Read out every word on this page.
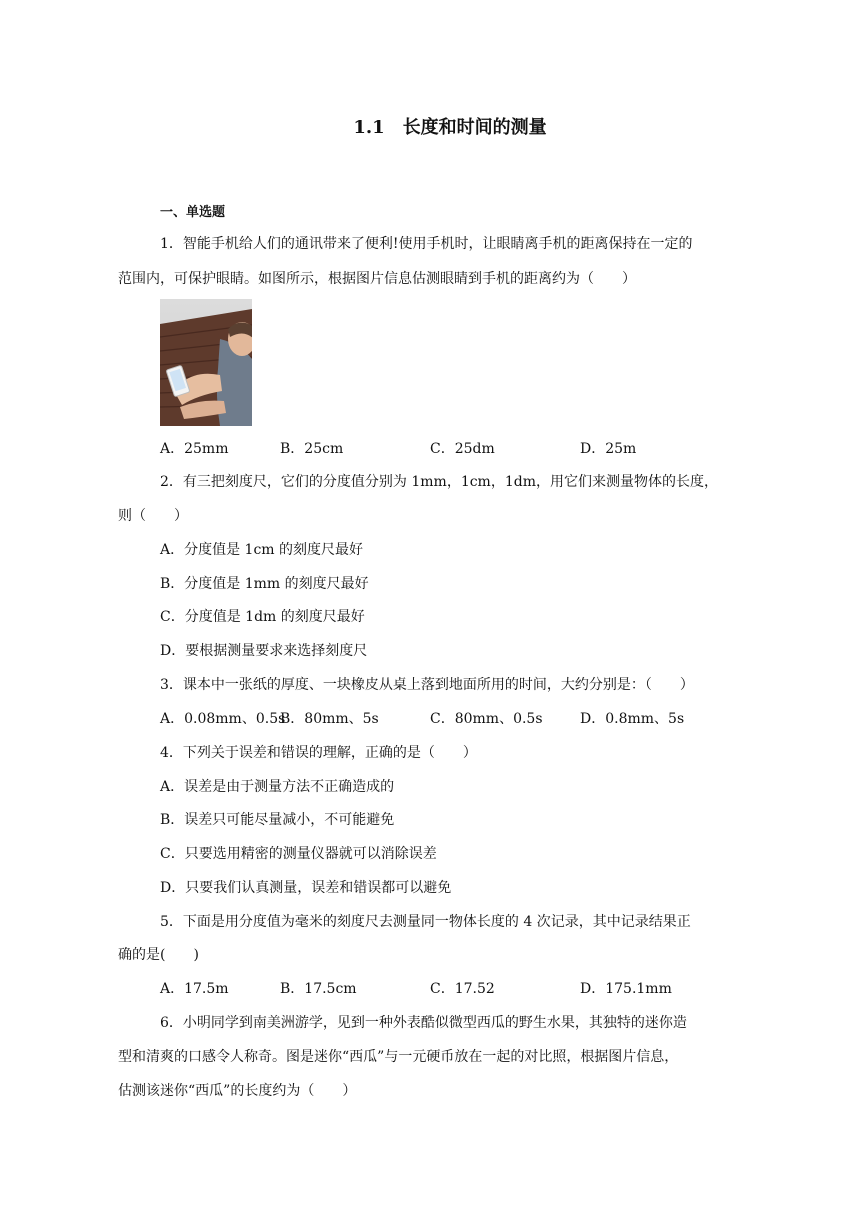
1.1　长度和时间的测量
一、单选题
1．智能手机给人们的通讯带来了便利!使用手机时，让眼睛离手机的距离保持在一定的
范围内，可保护眼睛。如图所示，根据图片信息估测眼睛到手机的距离约为（　　）
A．25mm	B．25cm	C．25dm	D．25m
2．有三把刻度尺，它们的分度值分别为 1mm，1cm，1dm，用它们来测量物体的长度，
则（　　）
A．分度值是 1cm 的刻度尺最好
B．分度值是 1mm 的刻度尺最好
C．分度值是 1dm 的刻度尺最好
D．要根据测量要求来选择刻度尺
3．课本中一张纸的厚度、一块橡皮从桌上落到地面所用的时间，大约分别是：（　　）
A．0.08mm、0.5s
B．80mm、5s	C．80mm、0.5s	D．0.8mm、5s
4．下列关于误差和错误的理解，正确的是（　　）
A．误差是由于测量方法不正确造成的
B．误差只可能尽量减小，不可能避免
C．只要选用精密的测量仪器就可以消除误差
D．只要我们认真测量，误差和错误都可以避免
5．下面是用分度值为毫米的刻度尺去测量同一物体长度的 4 次记录，其中记录结果正
确的是(　　)
A．17.5m	B．17.5cm	C．17.52	D．175.1mm
6．小明同学到南美洲游学，见到一种外表酷似微型西瓜的野生水果，其独特的迷你造
型和清爽的口感令人称奇。图是迷你“西瓜”与一元硬币放在一起的对比照，根据图片信息，
估测该迷你“西瓜”的长度约为（　　）
